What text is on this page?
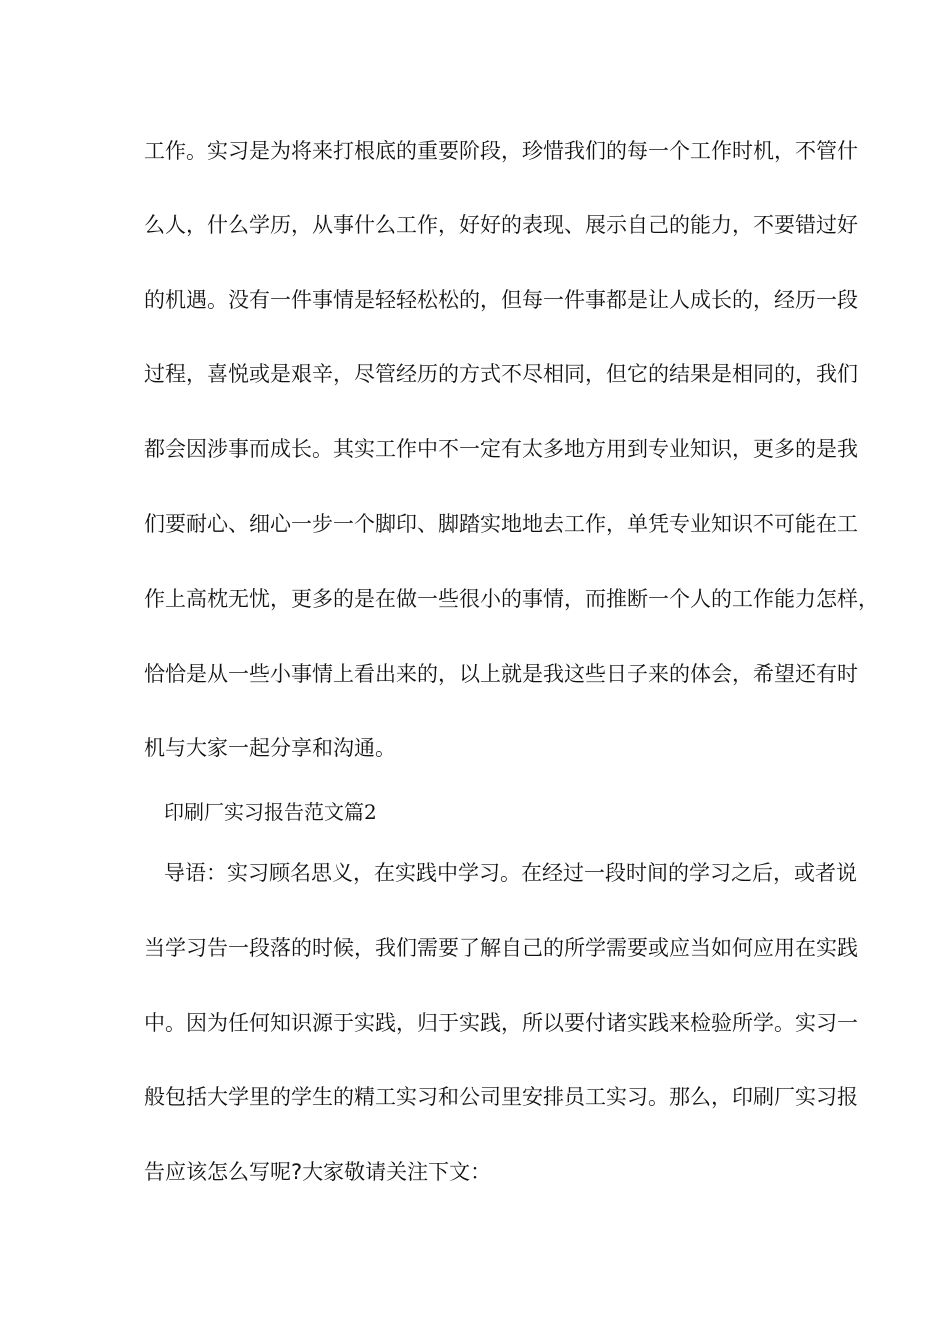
工作。实习是为将来打根底的重要阶段，珍惜我们的每一个工作时机，不管什
么人，什么学历，从事什么工作，好好的表现、展示自己的能力，不要错过好
的机遇。没有一件事情是轻轻松松的，但每一件事都是让人成长的，经历一段
过程，喜悦或是艰辛，尽管经历的方式不尽相同，但它的结果是相同的，我们
都会因涉事而成长。其实工作中不一定有太多地方用到专业知识，更多的是我
们要耐心、细心一步一个脚印、脚踏实地地去工作，单凭专业知识不可能在工
作上高枕无忧，更多的是在做一些很小的事情，而推断一个人的工作能力怎样，
恰恰是从一些小事情上看出来的，以上就是我这些日子来的体会，希望还有时
机与大家一起分享和沟通。
印刷厂实习报告范文篇2
导语：实习顾名思义，在实践中学习。在经过一段时间的学习之后，或者说
当学习告一段落的时候，我们需要了解自己的所学需要或应当如何应用在实践
中。因为任何知识源于实践，归于实践，所以要付诸实践来检验所学。实习一
般包括大学里的学生的精工实习和公司里安排员工实习。那么，印刷厂实习报
告应该怎么写呢?大家敬请关注下文：
